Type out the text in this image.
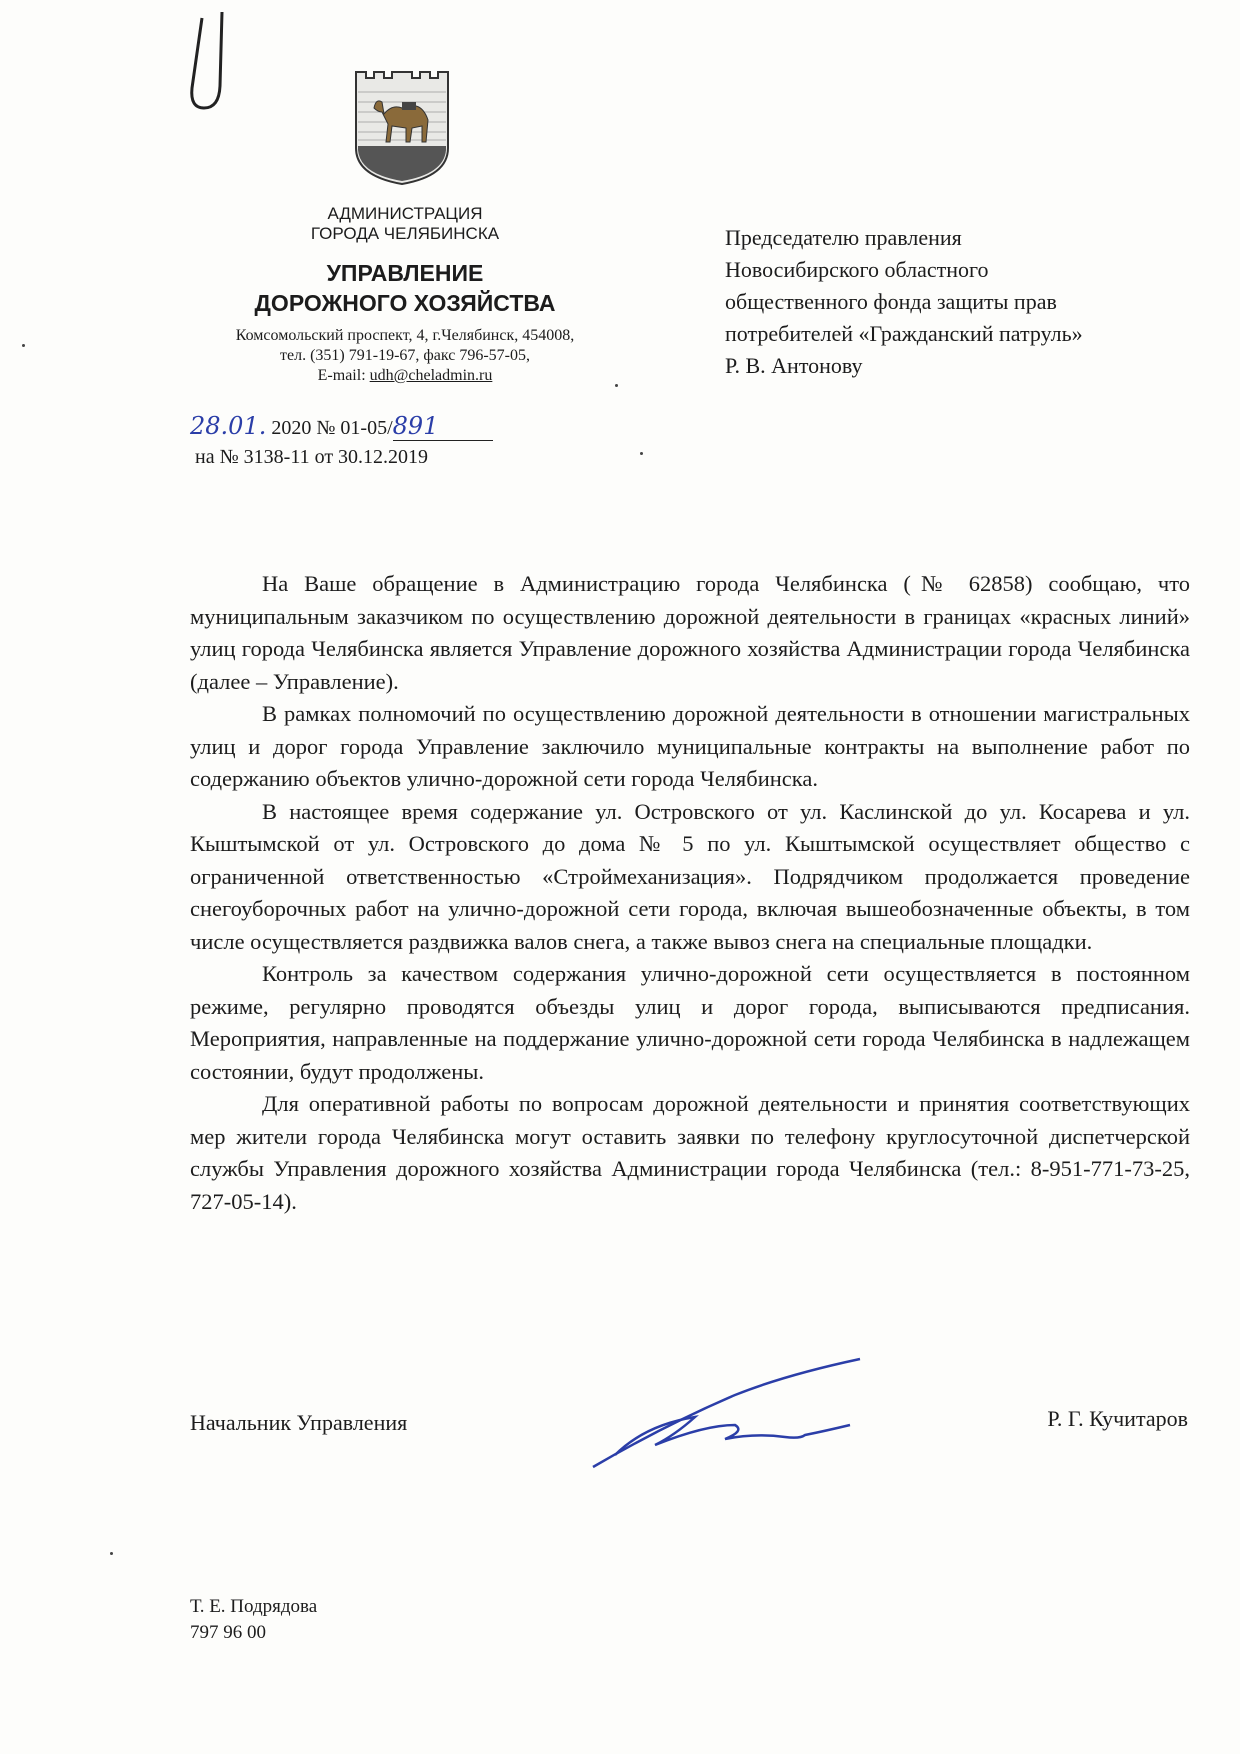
АДМИНИСТРАЦИЯ
ГОРОДА ЧЕЛЯБИНСКА
УПРАВЛЕНИЕ
ДОРОЖНОГО ХОЗЯЙСТВА
Комсомольский проспект, 4, г.Челябинск, 454008,
тел. (351) 791-19-67, факс 796-57-05,
E-mail: udh@cheladmin.ru
28.01. 2020 № 01-05/891
на № 3138-11 от 30.12.2019
Председателю правления
Новосибирского областного
общественного фонда защиты прав
потребителей «Гражданский патруль»
Р. В. Антонову

На Ваше обращение в Администрацию города Челябинска (№ 62858) сообщаю, что муниципальным заказчиком по осуществлению дорожной деятельности в границах «красных линий» улиц города Челябинска является Управление дорожного хозяйства Администрации города Челябинска (далее – Управление).

В рамках полномочий по осуществлению дорожной деятельности в отношении магистральных улиц и дорог города Управление заключило муниципальные контракты на выполнение работ по содержанию объектов улично-дорожной сети города Челябинска.

В настоящее время содержание ул. Островского от ул. Каслинской до ул. Косарева и ул. Кыштымской от ул. Островского до дома № 5 по ул. Кыштымской осуществляет общество с ограниченной ответственностью «Строймеханизация». Подрядчиком продолжается проведение снегоуборочных работ на улично-дорожной сети города, включая вышеобозначенные объекты, в том числе осуществляется раздвижка валов снега, а также вывоз снега на специальные площадки.

Контроль за качеством содержания улично-дорожной сети осуществляется в постоянном режиме, регулярно проводятся объезды улиц и дорог города, выписываются предписания. Мероприятия, направленные на поддержание улично-дорожной сети города Челябинска в надлежащем состоянии, будут продолжены.

Для оперативной работы по вопросам дорожной деятельности и принятия соответствующих мер жители города Челябинска могут оставить заявки по телефону круглосуточной диспетчерской службы Управления дорожного хозяйства Администрации города Челябинска (тел.: 8-951-771-73-25, 727-05-14).

Начальник Управления	Р. Г. Кучитаров
Т. Е. Подрядова
797 96 00
